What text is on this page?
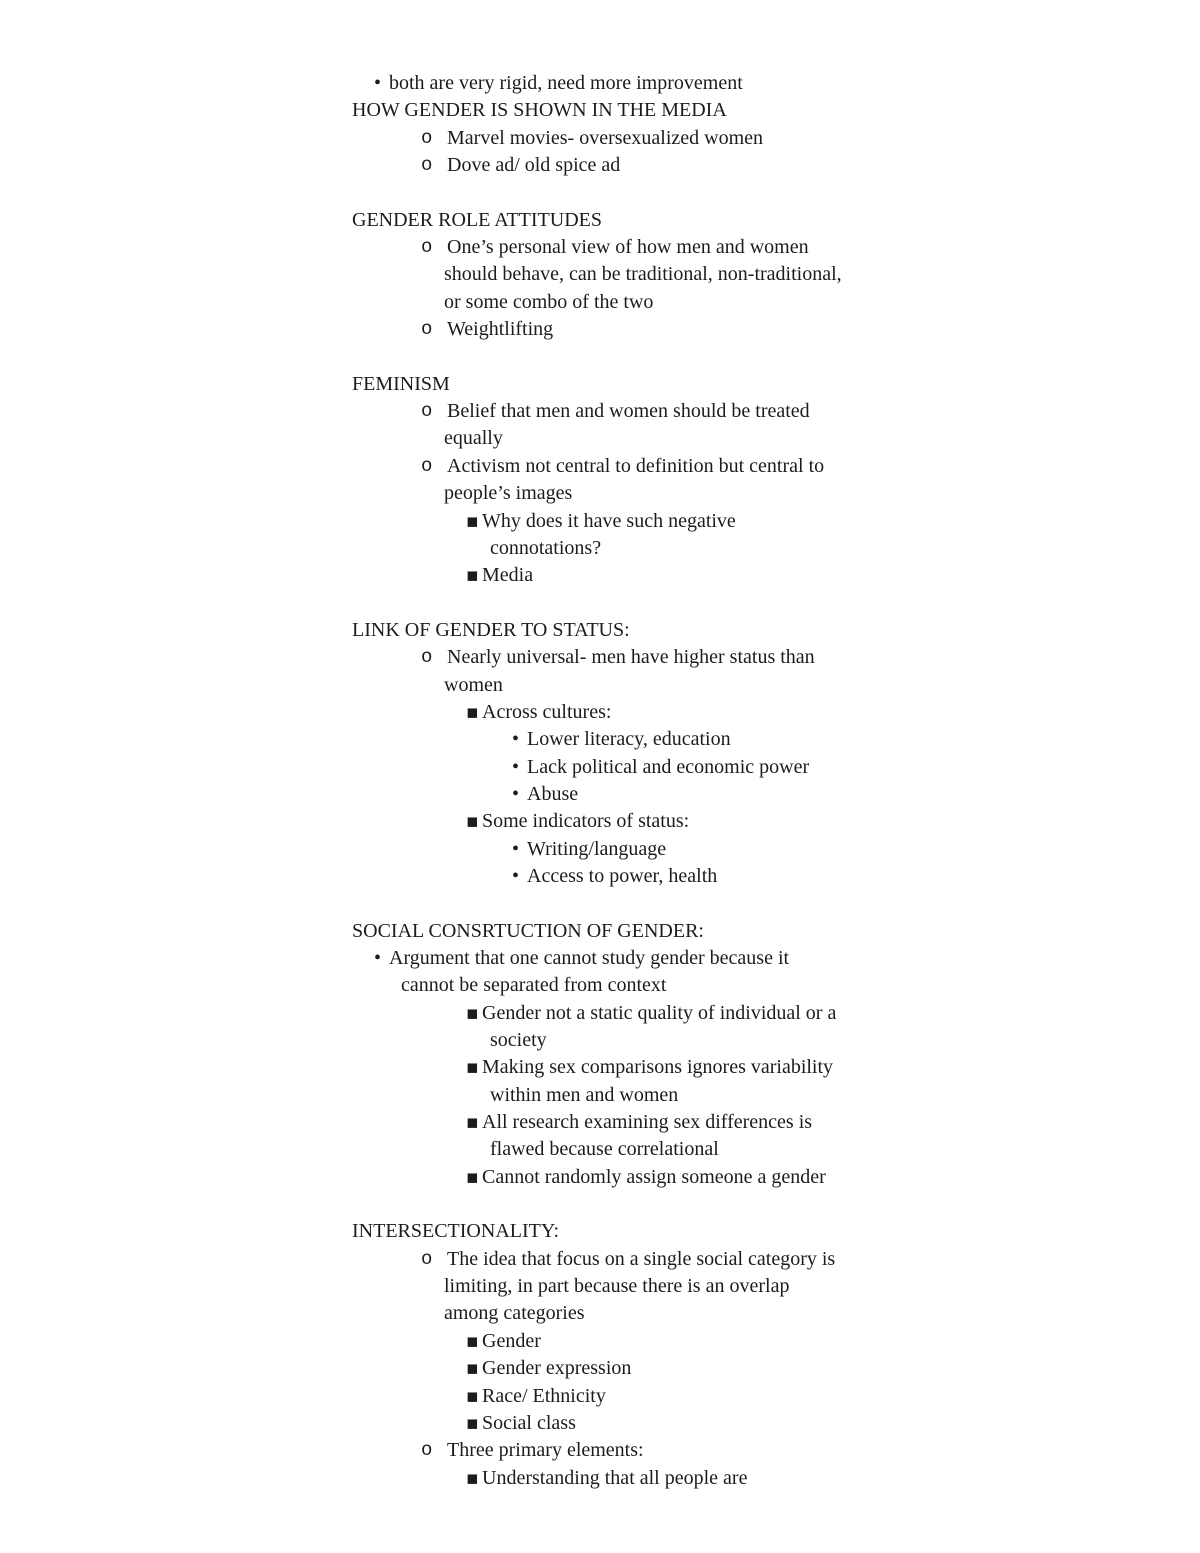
• both are very rigid, need more improvement
HOW GENDER IS SHOWN IN THE MEDIA
o Marvel movies- oversexualized women
o Dove ad/ old spice ad
GENDER ROLE ATTITUDES
o One’s personal view of how men and women
should behave, can be traditional, non-traditional,
or some combo of the two
o Weightlifting
FEMINISM
o Belief that men and women should be treated
equally
o Activism not central to definition but central to
people’s images
▪ Why does it have such negative
connotations?
▪ Media
LINK OF GENDER TO STATUS:
o Nearly universal- men have higher status than
women
▪ Across cultures:
• Lower literacy, education
• Lack political and economic power
• Abuse
▪ Some indicators of status:
• Writing/language
• Access to power, health
SOCIAL CONSRTUCTION OF GENDER:
• Argument that one cannot study gender because it
cannot be separated from context
▪ Gender not a static quality of individual or a
society
▪ Making sex comparisons ignores variability
within men and women
▪ All research examining sex differences is
flawed because correlational
▪ Cannot randomly assign someone a gender
INTERSECTIONALITY:
o The idea that focus on a single social category is
limiting, in part because there is an overlap
among categories
▪ Gender
▪ Gender expression
▪ Race/ Ethnicity
▪ Social class
o Three primary elements:
▪ Understanding that all people are
